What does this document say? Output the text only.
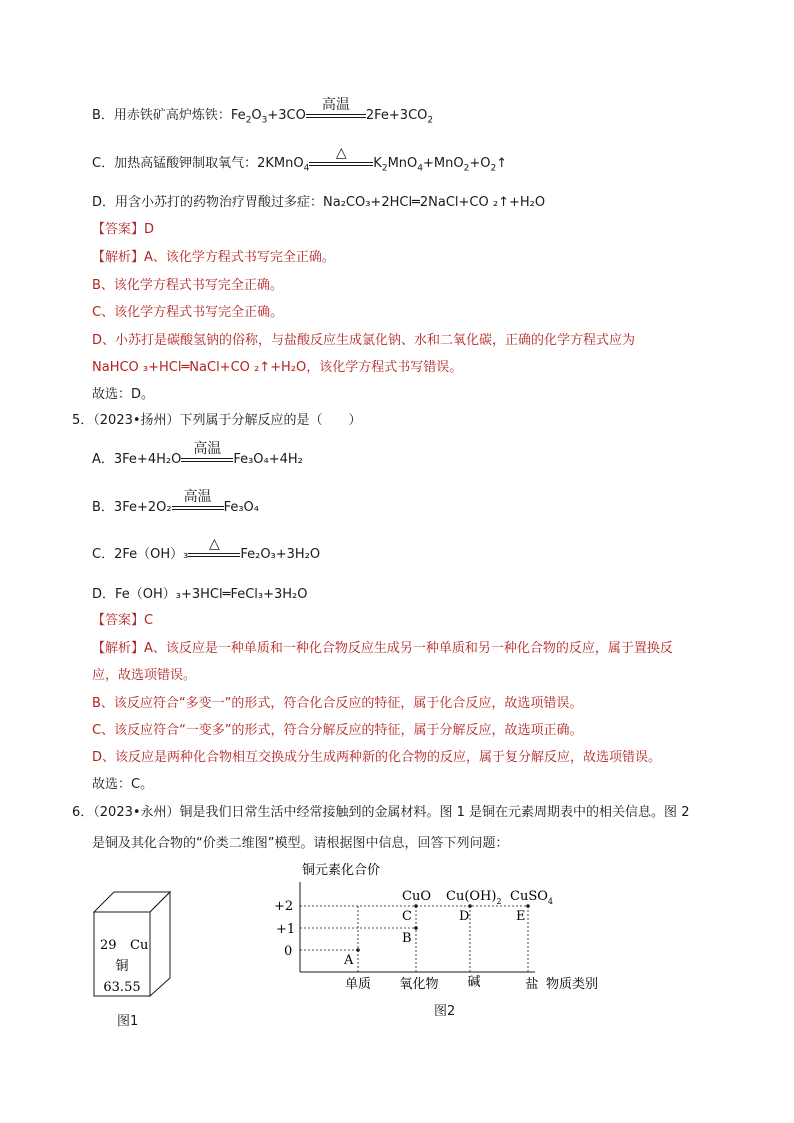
B．用赤铁矿高炉炼铁：$Fe_2O_3+3CO$
高温
$2Fe+3CO_2$
C．加热高锰酸钾制取氧气：2KMnO$_4$
△
$K_2MnO_4+MnO_2+O_2↑$
D．用含小苏打的药物治疗胃酸过多症：Na₂CO₃+2HCl═2NaCl+CO ₂↑+H₂O
【答案】D
【解析】A、该化学方程式书写完全正确。
B、该化学方程式书写完全正确。
C、该化学方程式书写完全正确。
D、小苏打是碳酸氢钠的俗称，与盐酸反应生成氯化钠、水和二氧化碳，正确的化学方程式应为
NaHCO ₃+HCl═NaCl+CO ₂↑+H₂O，该化学方程式书写错误。
故选：D。
5．（2023•扬州）下列属于分解反应的是（　　）
A．3Fe+4H₂O
高温
Fe₃O₄+4H₂
B．3Fe+2O₂
高温
Fe₃O₄
C．2Fe（OH）₃
△
Fe₂O₃+3H₂O
D．Fe（OH）₃+3HCl═FeCl₃+3H₂O
【答案】C
【解析】A、该反应是一种单质和一种化合物反应生成另一种单质和另一种化合物的反应，属于置换反
应，故选项错误。
B、该反应符合“多变一”的形式，符合化合反应的特征，属于化合反应，故选项错误。
C、该反应符合“一变多”的形式，符合分解反应的特征，属于分解反应，故选项正确。
D、该反应是两种化合物相互交换成分生成两种新的化合物的反应，属于复分解反应，故选项错误。
故选：C。
6．（2023•永州）铜是我们日常生活中经常接触到的金属材料。图 1 是铜在元素周期表中的相关信息。图 2
是铜及其化合物的“价类二维图”模型。请根据图中信息，回答下列问题：
29 Cu
铜
63.55
图1
铜元素化合价
+2
+1
0
A
B
C	D	E
CuO $Cu(OH)_2$ CuSO$_4$
单质 氧化物 碱	盐 物质类别
图2
